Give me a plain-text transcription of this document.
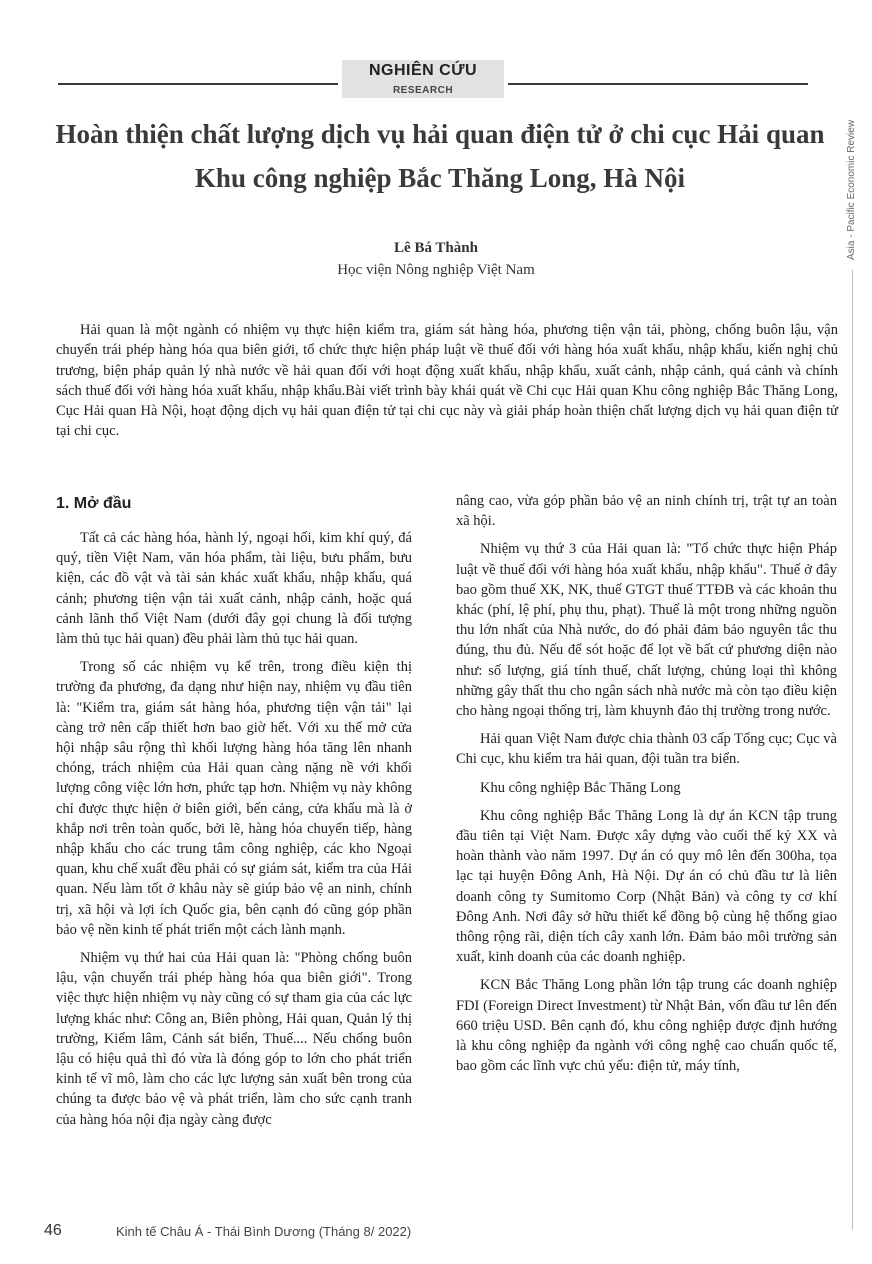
NGHIÊN CỨU
RESEARCH
Asia - Pacific Economic Review
Hoàn thiện chất lượng dịch vụ hải quan điện tử ở chi cục Hải quan Khu công nghiệp Bắc Thăng Long, Hà Nội
Lê Bá Thành
Học viện Nông nghiệp Việt Nam

Hải quan là một ngành có nhiệm vụ thực hiện kiểm tra, giám sát hàng hóa, phương tiện vận tải, phòng, chống buôn lậu, vận chuyển trái phép hàng hóa qua biên giới, tổ chức thực hiện pháp luật về thuế đối với hàng hóa xuất khẩu, nhập khẩu, kiến nghị chủ trương, biện pháp quản lý nhà nước về hải quan đối với hoạt động xuất khẩu, nhập khẩu, xuất cảnh, nhập cảnh, quá cảnh và chính sách thuế đối với hàng hóa xuất khẩu, nhập khẩu.Bài viết trình bày khái quát về Chi cục Hải quan Khu công nghiệp Bắc Thăng Long, Cục Hải quan Hà Nội, hoạt động dịch vụ hải quan điện tử tại chi cục này và giải pháp hoàn thiện chất lượng dịch vụ hải quan điện tử tại chi cục.

1. Mở đầu

Tất cả các hàng hóa, hành lý, ngoại hối, kim khí quý, đá quý, tiền Việt Nam, văn hóa phẩm, tài liệu, bưu phẩm, bưu kiện, các đồ vật và tài sản khác xuất khẩu, nhập khẩu, quá cảnh; phương tiện vận tải xuất cảnh, nhập cảnh, hoặc quá cảnh lãnh thổ Việt Nam (dưới đây gọi chung là đối tượng làm thủ tục hải quan) đều phải làm thủ tục hải quan.

Trong số các nhiệm vụ kể trên, trong điều kiện thị trường đa phương, đa dạng như hiện nay, nhiệm vụ đầu tiên là: "Kiểm tra, giám sát hàng hóa, phương tiện vận tải" lại càng trở nên cấp thiết hơn bao giờ hết. Với xu thế mở cửa hội nhập sâu rộng thì khối lượng hàng hóa tăng lên nhanh chóng, trách nhiệm của Hải quan càng nặng nề với khối lượng công việc lớn hơn, phức tạp hơn. Nhiệm vụ này không chỉ được thực hiện ở biên giới, bến cảng, cửa khẩu mà là ở khắp nơi trên toàn quốc, bởi lẽ, hàng hóa chuyển tiếp, hàng nhập khẩu cho các trung tâm công nghiệp, các kho Ngoại quan, khu chế xuất đều phải có sự giám sát, kiểm tra của Hải quan. Nếu làm tốt ở khâu này sẽ giúp bảo vệ an ninh, chính trị, xã hội và lợi ích Quốc gia, bên cạnh đó cũng góp phần bảo vệ nền kinh tế phát triển một cách lành mạnh.

Nhiệm vụ thứ hai của Hải quan là: "Phòng chống buôn lậu, vận chuyển trái phép hàng hóa qua biên giới". Trong việc thực hiện nhiệm vụ này cũng có sự tham gia của các lực lượng khác như: Công an, Biên phòng, Hải quan, Quản lý thị trường, Kiểm lâm, Cảnh sát biển, Thuế.... Nếu chống buôn lậu có hiệu quả thì đó vừa là đóng góp to lớn cho phát triển kinh tế vĩ mô, làm cho các lực lượng sản xuất bên trong của chúng ta được bảo vệ và phát triển, làm cho sức cạnh tranh của hàng hóa nội địa ngày càng được

nâng cao, vừa góp phần bảo vệ an ninh chính trị, trật tự an toàn xã hội.

Nhiệm vụ thứ 3 của Hải quan là: "Tổ chức thực hiện Pháp luật về thuế đối với hàng hóa xuất khẩu, nhập khẩu". Thuế ở đây bao gồm thuế XK, NK, thuế GTGT thuế TTĐB và các khoản thu khác (phí, lệ phí, phụ thu, phạt). Thuế là một trong những nguồn thu lớn nhất của Nhà nước, do đó phải đảm bảo nguyên tắc thu đúng, thu đủ. Nếu để sót hoặc để lọt về bất cứ phương diện nào như: số lượng, giá tính thuế, chất lượng, chủng loại thì không những gây thất thu cho ngân sách nhà nước mà còn tạo điều kiện cho hàng ngoại thống trị, làm khuynh đảo thị trường trong nước.

Hải quan Việt Nam được chia thành 03 cấp Tổng cục; Cục và Chi cục, khu kiểm tra hải quan, đội tuần tra biển.

Khu công nghiệp Bắc Thăng Long

Khu công nghiệp Bắc Thăng Long là dự án KCN tập trung đầu tiên tại Việt Nam. Được xây dựng vào cuối thế kỷ XX và hoàn thành vào năm 1997. Dự án có quy mô lên đến 300ha, tọa lạc tại huyện Đông Anh, Hà Nội. Dự án có chủ đầu tư là liên doanh công ty Sumitomo Corp (Nhật Bản) và công ty cơ khí Đông Anh. Nơi đây sở hữu thiết kế đồng bộ cùng hệ thống giao thông rộng rãi, diện tích cây xanh lớn. Đảm bảo môi trường sản xuất, kinh doanh của các doanh nghiệp.

KCN Bắc Thăng Long phần lớn tập trung các doanh nghiệp FDI (Foreign Direct Investment) từ Nhật Bản, vốn đầu tư lên đến 660 triệu USD. Bên cạnh đó, khu công nghiệp được định hướng là khu công nghiệp đa ngành với công nghệ cao chuẩn quốc tế, bao gồm các lĩnh vực chủ yếu: điện tử, máy tính,

46	Kinh tế Châu Á - Thái Bình Dương (Tháng 8/ 2022)
